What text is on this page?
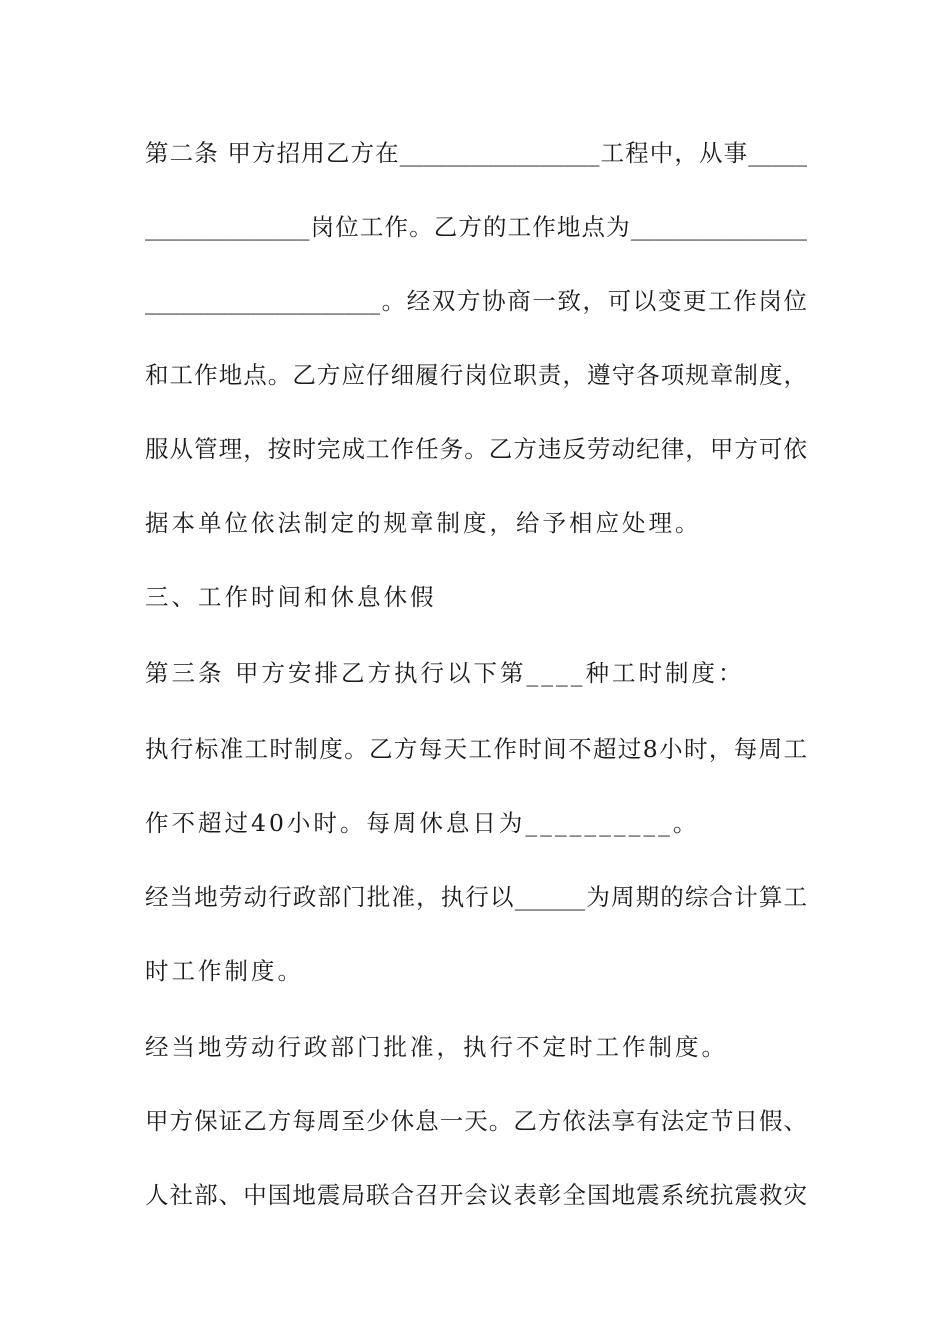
第二条 甲方招用乙方在_________________工程中，从事_____
______________岗位工作。乙方的工作地点为_______________
____________________。经双方协商一致，可以变更工作岗位
和工作地点。乙方应仔细履行岗位职责，遵守各项规章制度，
服从管理，按时完成工作任务。乙方违反劳动纪律，甲方可依
据本单位依法制定的规章制度，给予相应处理。
三、工作时间和休息休假
第三条 甲方安排乙方执行以下第____种工时制度：
执行标准工时制度。乙方每天工作时间不超过8小时，每周工
作不超过40小时。每周休息日为__________。
经当地劳动行政部门批准，执行以______为周期的综合计算工
时工作制度。
经当地劳动行政部门批准，执行不定时工作制度。
甲方保证乙方每周至少休息一天。乙方依法享有法定节日假、
人社部、中国地震局联合召开会议表彰全国地震系统抗震救灾
